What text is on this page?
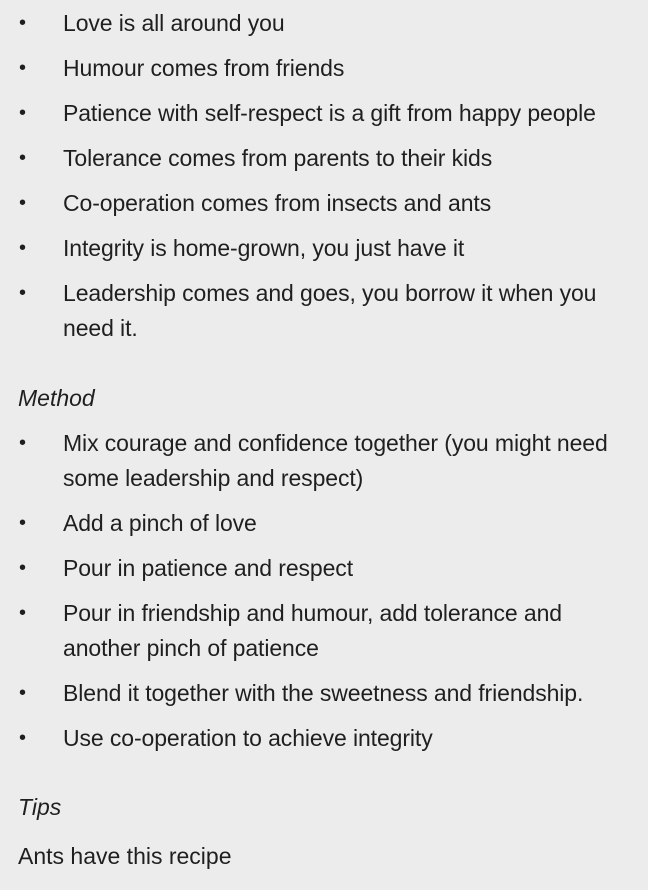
• Love is all around you
• Humour comes from friends
• Patience with self-respect is a gift from happy people
• Tolerance comes from parents to their kids
• Co-operation comes from insects and ants
• Integrity is home-grown, you just have it
• Leadership comes and goes, you borrow it when you need it.
Method
• Mix courage and confidence together (you might need some leadership and respect)
• Add a pinch of love
• Pour in patience and respect
• Pour in friendship and humour, add tolerance and another pinch of patience
• Blend it together with the sweetness and friendship.
• Use co-operation to achieve integrity
Tips

Ants have this recipe
